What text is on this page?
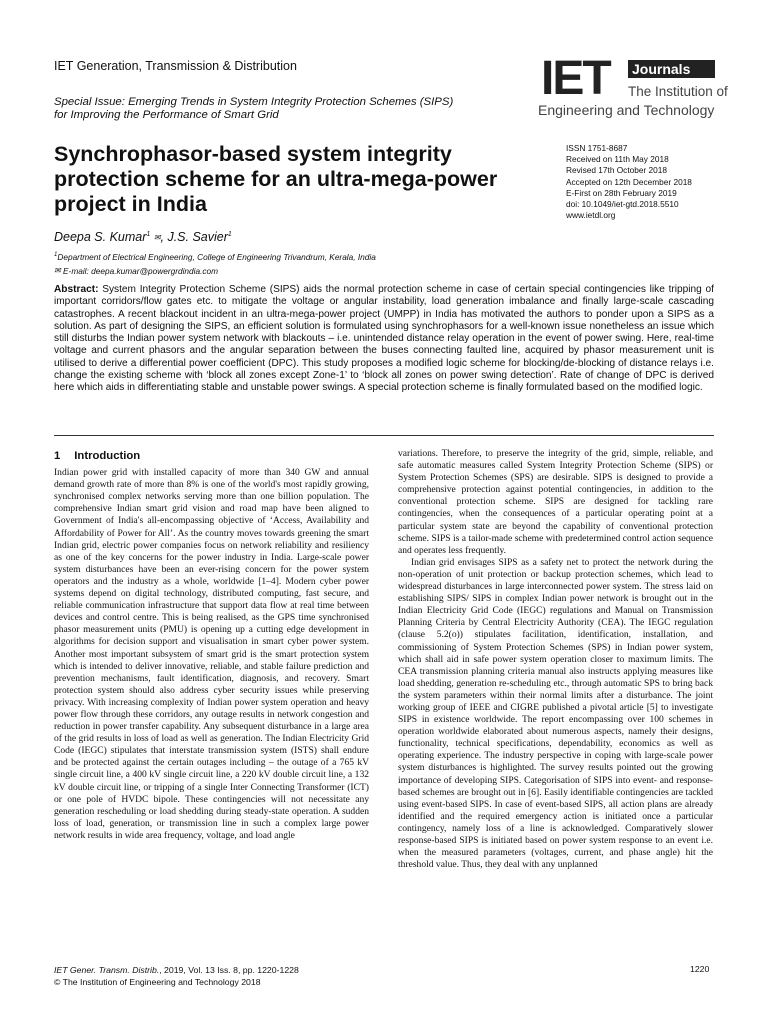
IET Generation, Transmission & Distribution
Special Issue: Emerging Trends in System Integrity Protection Schemes (SIPS) for Improving the Performance of Smart Grid
IET Journals
The Institution of
Engineering and Technology
Synchrophasor-based system integrity protection scheme for an ultra-mega-power project in India
ISSN 1751-8687
Received on 11th May 2018
Revised 17th October 2018
Accepted on 12th December 2018
E-First on 28th February 2019
doi: 10.1049/iet-gtd.2018.5510
www.ietdl.org
Deepa S. Kumar$^1$ ✉, J.S. Savier$^1$
$^1$Department of Electrical Engineering, College of Engineering Trivandrum, Kerala, India
✉ E-mail: deepa.kumar@powergrdindia.com
Abstract: System Integrity Protection Scheme (SIPS) aids the normal protection scheme in case of certain special contingencies like tripping of important corridors/flow gates etc. to mitigate the voltage or angular instability, load generation imbalance and finally large-scale cascading catastrophes. A recent blackout incident in an ultra-mega-power project (UMPP) in India has motivated the authors to ponder upon a SIPS as a solution. As part of designing the SIPS, an efficient solution is formulated using synchrophasors for a well-known issue nonetheless an issue which still disturbs the Indian power system network with blackouts – i.e. unintended distance relay operation in the event of power swing. Here, real-time voltage and current phasors and the angular separation between the buses connecting faulted line, acquired by phasor measurement unit is utilised to derive a differential power coefficient (DPC). This study proposes a modified logic scheme for blocking/de-blocking of distance relays i.e. change the existing scheme with ‘block all zones except Zone-1’ to ‘block all zones on power swing detection’. Rate of change of DPC is derived here which aids in differentiating stable and unstable power swings. A special protection scheme is finally formulated based on the modified logic.
1 Introduction
Indian power grid with installed capacity of more than 340 GW and annual demand growth rate of more than 8% is one of the world's most rapidly growing, synchronised complex networks serving more than one billion population. The comprehensive Indian smart grid vision and road map have been aligned to Government of India's all-encompassing objective of ‘Access, Availability and Affordability of Power for All’. As the country moves towards greening the smart Indian grid, electric power companies focus on network reliability and resiliency as one of the key concerns for the power industry in India. Large-scale power system disturbances have been an ever-rising concern for the power system operators and the industry as a whole, worldwide [1–4]. Modern cyber power systems depend on digital technology, distributed computing, fast secure, and reliable communication infrastructure that support data flow at real time between devices and control centre. This is being realised, as the GPS time synchronised phasor measurement units (PMU) is opening up a cutting edge development in algorithms for decision support and visualisation in smart cyber power system. Another most important subsystem of smart grid is the smart protection system which is intended to deliver innovative, reliable, and stable failure prediction and prevention mechanisms, fault identification, diagnosis, and recovery. Smart protection system should also address cyber security issues while preserving privacy. With increasing complexity of Indian power system operation and heavy power flow through these corridors, any outage results in network congestion and reduction in power transfer capability. Any subsequent disturbance in a large area of the grid results in loss of load as well as generation. The Indian Electricity Grid Code (IEGC) stipulates that interstate transmission system (ISTS) shall endure and be protected against the certain outages including – the outage of a 765 kV single circuit line, a 400 kV single circuit line, a 220 kV double circuit line, a 132 kV double circuit line, or tripping of a single Inter Connecting Transformer (ICT) or one pole of HVDC bipole. These contingencies will not necessitate any generation rescheduling or load shedding during steady-state operation. A sudden loss of load, generation, or transmission line in such a complex large power network results in wide area frequency, voltage, and load angle

variations. Therefore, to preserve the integrity of the grid, simple, reliable, and safe automatic measures called System Integrity Protection Scheme (SIPS) or System Protection Schemes (SPS) are desirable. SIPS is designed to provide a comprehensive protection against potential contingencies, in addition to the conventional protection scheme. SIPS are designed for tackling rare contingencies, when the consequences of a particular operating point at a particular system state are beyond the capability of conventional protection scheme. SIPS is a tailor-made scheme with predetermined control action sequence and operates less frequently.

Indian grid envisages SIPS as a safety net to protect the network during the non-operation of unit protection or backup protection schemes, which lead to widespread disturbances in large interconnected power system. The stress laid on establishing SIPS/ SIPS in complex Indian power network is brought out in the Indian Electricity Grid Code (IEGC) regulations and Manual on Transmission Planning Criteria by Central Electricity Authority (CEA). The IEGC regulation (clause 5.2(o)) stipulates facilitation, identification, installation, and commissioning of System Protection Schemes (SPS) in Indian power system, which shall aid in safe power system operation closer to maximum limits. The CEA transmission planning criteria manual also instructs applying measures like load shedding, generation re-scheduling etc., through automatic SPS to bring back the system parameters within their normal limits after a disturbance. The joint working group of IEEE and CIGRE published a pivotal article [5] to investigate SIPS in existence worldwide. The report encompassing over 100 schemes in operation worldwide elaborated about numerous aspects, namely their designs, functionality, technical specifications, dependability, economics as well as operating experience. The industry perspective in coping with large-scale power system disturbances is highlighted. The survey results pointed out the growing importance of developing SIPS. Categorisation of SIPS into event- and response-based schemes are brought out in [6]. Easily identifiable contingencies are tackled using event-based SIPS. In case of event-based SIPS, all action plans are already identified and the required emergency action is initiated once a particular contingency, namely loss of a line is acknowledged. Comparatively slower response-based SIPS is initiated based on power system response to an event i.e. when the measured parameters (voltages, current, and phase angle) hit the threshold value. Thus, they deal with any unplanned

IET Gener. Transm. Distrib., 2019, Vol. 13 Iss. 8, pp. 1220-1228
© The Institution of Engineering and Technology 2018
1220
